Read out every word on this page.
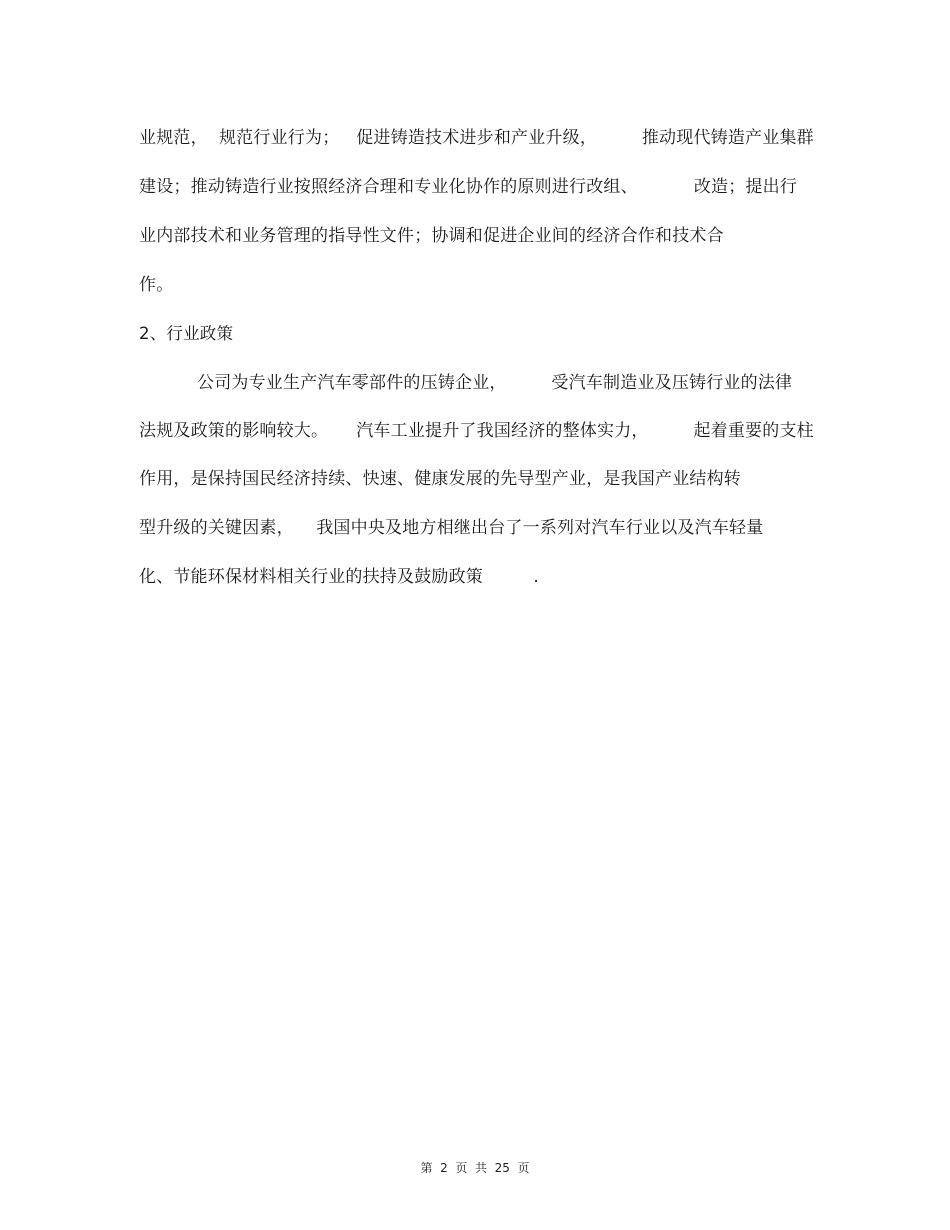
业规范，  规范行业行为；   促进铸造技术进步和产业升级，        推动现代铸造产业集群
建设；推动铸造行业按照经济合理和专业化协作的原则进行改组、          改造；提出行
业内部技术和业务管理的指导性文件；协调和促进企业间的经济合作和技术合
作。
2、行业政策
公司为专业生产汽车零部件的压铸企业，        受汽车制造业及压铸行业的法律
法规及政策的影响较大。     汽车工业提升了我国经济的整体实力，        起着重要的支柱
作用，是保持国民经济持续、快速、健康发展的先导型产业，是我国产业结构转
型升级的关键因素，    我国中央及地方相继出台了一系列对汽车行业以及汽车轻量
化、节能环保材料相关行业的扶持及鼓励政策         .
第  2  页  共  25  页
